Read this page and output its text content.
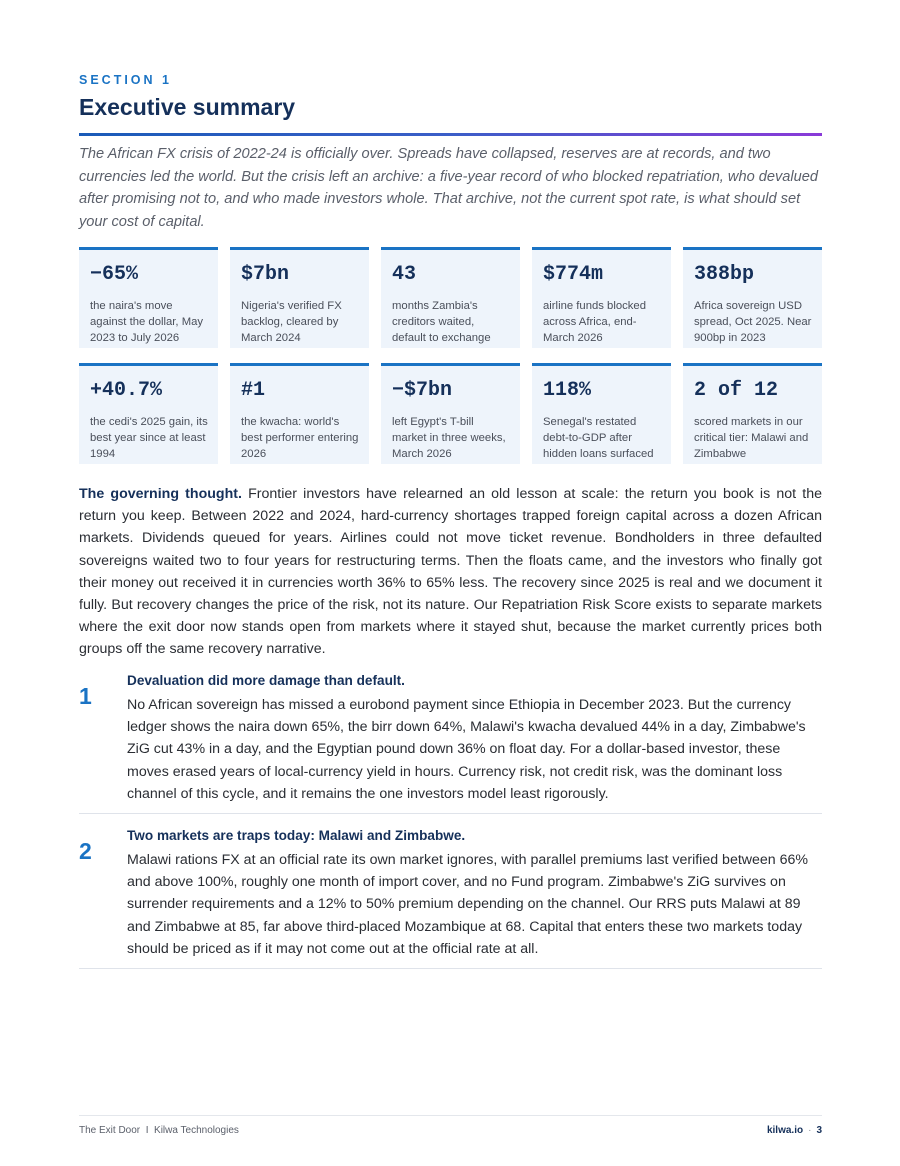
SECTION 1
Executive summary
The African FX crisis of 2022-24 is officially over. Spreads have collapsed, reserves are at records, and two currencies led the world. But the crisis left an archive: a five-year record of who blocked repatriation, who devalued after promising not to, and who made investors whole. That archive, not the current spot rate, is what should set your cost of capital.
−65%
the naira's move against the dollar, May 2023 to July 2026
$7bn
Nigeria's verified FX backlog, cleared by March 2024
43
months Zambia's creditors waited, default to exchange
$774m
airline funds blocked across Africa, end-March 2026
388bp
Africa sovereign USD spread, Oct 2025. Near 900bp in 2023
+40.7%
the cedi's 2025 gain, its best year since at least 1994
#1
the kwacha: world's best performer entering 2026
−$7bn
left Egypt's T-bill market in three weeks, March 2026
118%
Senegal's restated debt-to-GDP after hidden loans surfaced
2 of 12
scored markets in our critical tier: Malawi and Zimbabwe
The governing thought. Frontier investors have relearned an old lesson at scale: the return you book is not the return you keep. Between 2022 and 2024, hard-currency shortages trapped foreign capital across a dozen African markets. Dividends queued for years. Airlines could not move ticket revenue. Bondholders in three defaulted sovereigns waited two to four years for restructuring terms. Then the floats came, and the investors who finally got their money out received it in currencies worth 36% to 65% less. The recovery since 2025 is real and we document it fully. But recovery changes the price of the risk, not its nature. Our Repatriation Risk Score exists to separate markets where the exit door now stands open from markets where it stayed shut, because the market currently prices both groups off the same recovery narrative.
1
Devaluation did more damage than default.
No African sovereign has missed a eurobond payment since Ethiopia in December 2023. But the currency ledger shows the naira down 65%, the birr down 64%, Malawi's kwacha devalued 44% in a day, Zimbabwe's ZiG cut 43% in a day, and the Egyptian pound down 36% on float day. For a dollar-based investor, these moves erased years of local-currency yield in hours. Currency risk, not credit risk, was the dominant loss channel of this cycle, and it remains the one investors model least rigorously.
2
Two markets are traps today: Malawi and Zimbabwe.
Malawi rations FX at an official rate its own market ignores, with parallel premiums last verified between 66% and above 100%, roughly one month of import cover, and no Fund program. Zimbabwe's ZiG survives on surrender requirements and a 12% to 50% premium depending on the channel. Our RRS puts Malawi at 89 and Zimbabwe at 85, far above third-placed Mozambique at 68. Capital that enters these two markets today should be priced as if it may not come out at the official rate at all.
The Exit Door  I  Kilwa Technologies	kilwa.io · 3
